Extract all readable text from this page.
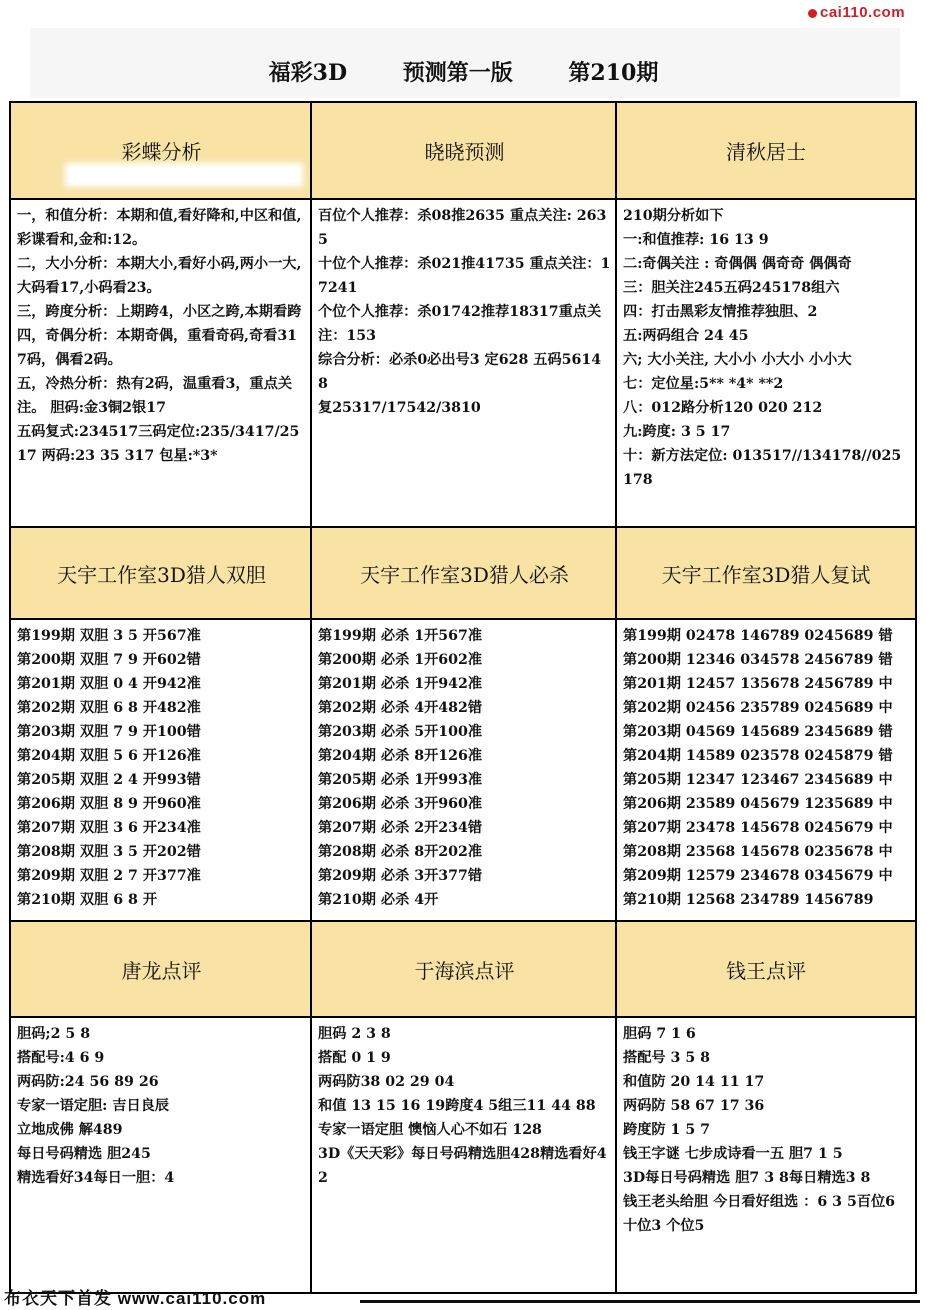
cai110.com
福彩3D	预测第一版	第210期
彩蝶分析	晓晓预测	清秋居士
一，和值分析：本期和值,看好降和,中区和值,彩谍看和,金和:12。
二，大小分析：本期大小,看好小码,两小一大,大码看17,小码看23。
三，跨度分析：上期跨4，小区之跨,本期看跨
四，奇偶分析：本期奇偶，重看奇码,奇看317码，偶看2码。
五，冷热分析：热有2码，温重看3，重点关注。 胆码:金3铜2银17
五码复式:234517三码定位:235/3417/2517 两码:23 35 317 包星:*3*
百位个人推荐：杀08推2635 重点关注: 2635
十位个人推荐：杀021推41735 重点关注：17241
个位个人推荐：杀01742推荐18317重点关注：153
综合分析：必杀0必出号3 定628 五码56148
复25317/17542/3810
210期分析如下
一:和值推荐: 16 13 9
二:奇偶关注 : 奇偶偶 偶奇奇 偶偶奇
三：胆关注245五码245178组六
四：打击黑彩友情推荐独胆、2
五:两码组合 24 45
六; 大小关注, 大小小 小大小 小小大
七：定位星:5** *4* **2
八：012路分析120 020 212
九:跨度: 3 5 17
十：新方法定位: 013517//134178//025178
天宇工作室3D猎人双胆	天宇工作室3D猎人必杀	天宇工作室3D猎人复试
第199期 双胆 3 5 开567准
第200期 双胆 7 9 开602错
第201期 双胆 0 4 开942准
第202期 双胆 6 8 开482准
第203期 双胆 7 9 开100错
第204期 双胆 5 6 开126准
第205期 双胆 2 4 开993错
第206期 双胆 8 9 开960准
第207期 双胆 3 6 开234准
第208期 双胆 3 5 开202错
第209期 双胆 2 7 开377准
第210期 双胆 6 8 开
第199期 必杀 1开567准
第200期 必杀 1开602准
第201期 必杀 1开942准
第202期 必杀 4开482错
第203期 必杀 5开100准
第204期 必杀 8开126准
第205期 必杀 1开993准
第206期 必杀 3开960准
第207期 必杀 2开234错
第208期 必杀 8开202准
第209期 必杀 3开377错
第210期 必杀 4开
第199期 02478 146789 0245689 错
第200期 12346 034578 2456789 错
第201期 12457 135678 2456789 中
第202期 02456 235789 0245689 中
第203期 04569 145689 2345689 错
第204期 14589 023578 0245879 错
第205期 12347 123467 2345689 中
第206期 23589 045679 1235689 中
第207期 23478 145678 0245679 中
第208期 23568 145678 0235678 中
第209期 12579 234678 0345679 中
第210期 12568 234789 1456789
唐龙点评	于海滨点评	钱王点评
胆码;2 5 8
搭配号:4 6 9
两码防:24 56 89 26
专家一语定胆: 吉日良辰
立地成佛 解489
每日号码精选 胆245
精选看好34每日一胆：4
胆码 2 3 8
搭配 0 1 9
两码防38 02 29 04
和值 13 15 16 19跨度4 5组三11 44 88
专家一语定胆 懊恼人心不如石 128
3D《天天彩》每日号码精选胆428精选看好42
胆码 7 1 6
搭配号 3 5 8
和值防 20 14 11 17
两码防 58 67 17 36
跨度防 1 5 7
钱王字谜 七步成诗看一五 胆7 1 5
3D每日号码精选 胆7 3 8每日精选3 8
钱王老头给胆 今日看好组选 ：6 3 5百位6 十位3 个位5
布衣天下首发 www.cai110.com
